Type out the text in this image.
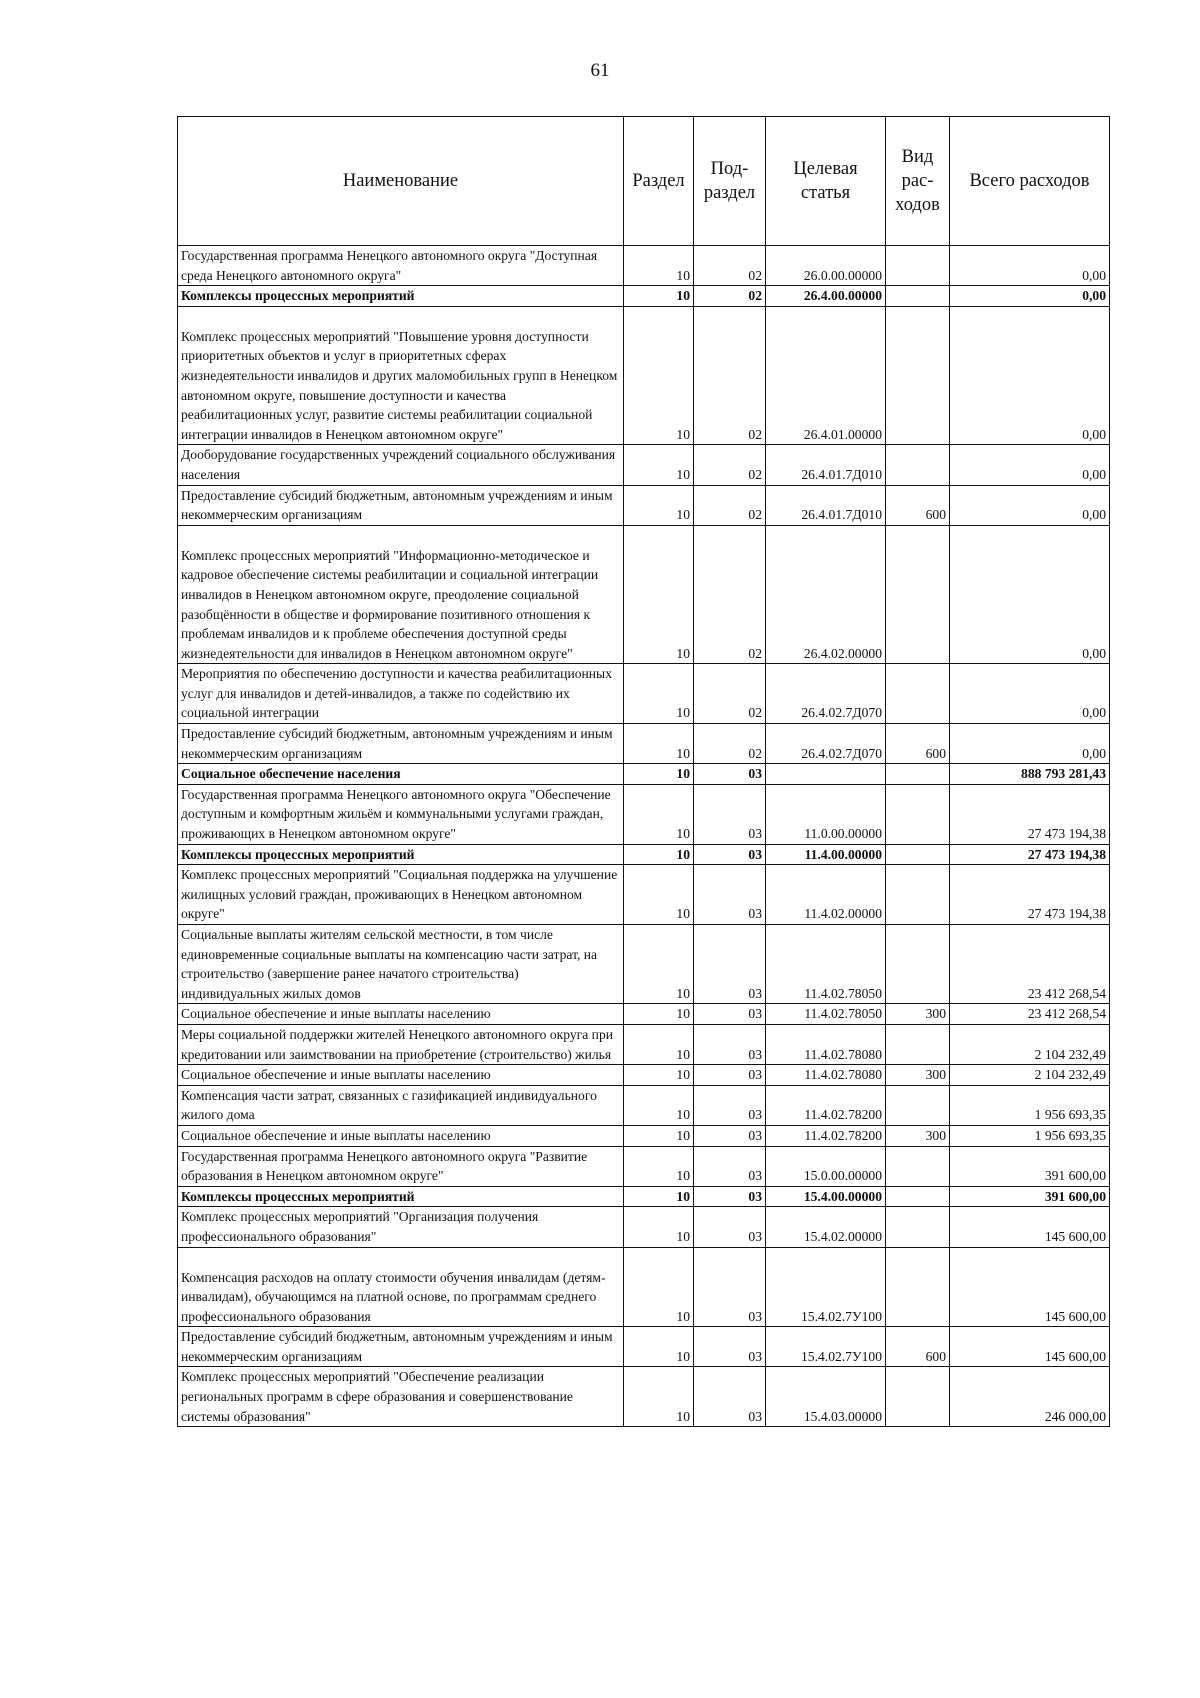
61
Наименование	Раздел	Под-раздел	Целевая статья	Вид рас-ходов	Всего расходов
Государственная программа Ненецкого автономного округа "Доступная среда Ненецкого автономного округа"	10	02	26.0.00.00000		0,00
Комплексы процессных мероприятий	10	02	26.4.00.00000		0,00
Комплекс процессных мероприятий "Повышение уровня доступности приоритетных объектов и услуг в приоритетных сферах жизнедеятельности инвалидов и других маломобильных групп в Ненецком автономном округе, повышение доступности и качества реабилитационных услуг, развитие системы реабилитации социальной интеграции инвалидов в Ненецком автономном округе"	10	02	26.4.01.00000		0,00
Дооборудование государственных учреждений социального обслуживания населения	10	02	26.4.01.7Д010		0,00
Предоставление субсидий бюджетным, автономным учреждениям и иным некоммерческим организациям	10	02	26.4.01.7Д010	600	0,00
Комплекс процессных мероприятий "Информационно-методическое и кадровое обеспечение системы реабилитации и социальной интеграции инвалидов в Ненецком автономном округе, преодоление социальной разобщённости в обществе и формирование позитивного отношения к проблемам инвалидов и к проблеме обеспечения доступной среды жизнедеятельности для инвалидов в Ненецком автономном округе"	10	02	26.4.02.00000		0,00
Мероприятия по обеспечению доступности и качества реабилитационных услуг для инвалидов и детей-инвалидов, а также по содействию их социальной интеграции	10	02	26.4.02.7Д070		0,00
Предоставление субсидий бюджетным, автономным учреждениям и иным некоммерческим организациям	10	02	26.4.02.7Д070	600	0,00
Социальное обеспечение населения	10	03			888 793 281,43
Государственная программа Ненецкого автономного округа "Обеспечение доступным и комфортным жильём и коммунальными услугами граждан, проживающих в Ненецком автономном округе"	10	03	11.0.00.00000		27 473 194,38
Комплексы процессных мероприятий	10	03	11.4.00.00000		27 473 194,38
Комплекс процессных мероприятий "Социальная поддержка на улучшение жилищных условий граждан, проживающих в Ненецком автономном округе"	10	03	11.4.02.00000		27 473 194,38
Социальные выплаты жителям сельской местности, в том числе единовременные социальные выплаты на компенсацию части затрат, на строительство (завершение ранее начатого строительства) индивидуальных жилых домов	10	03	11.4.02.78050		23 412 268,54
Социальное обеспечение и иные выплаты населению	10	03	11.4.02.78050	300	23 412 268,54
Меры социальной поддержки жителей Ненецкого автономного округа при кредитовании или заимствовании на приобретение (строительство) жилья	10	03	11.4.02.78080		2 104 232,49
Социальное обеспечение и иные выплаты населению	10	03	11.4.02.78080	300	2 104 232,49
Компенсация части затрат, связанных с газификацией индивидуального жилого дома	10	03	11.4.02.78200		1 956 693,35
Социальное обеспечение и иные выплаты населению	10	03	11.4.02.78200	300	1 956 693,35
Государственная программа Ненецкого автономного округа "Развитие образования в Ненецком автономном округе"	10	03	15.0.00.00000		391 600,00
Комплексы процессных мероприятий	10	03	15.4.00.00000		391 600,00
Комплекс процессных мероприятий "Организация получения профессионального образования"	10	03	15.4.02.00000		145 600,00
Компенсация расходов на оплату стоимости обучения инвалидам (детям-инвалидам), обучающимся на платной основе, по программам среднего профессионального образования	10	03	15.4.02.7У100		145 600,00
Предоставление субсидий бюджетным, автономным учреждениям и иным некоммерческим организациям	10	03	15.4.02.7У100	600	145 600,00
Комплекс процессных мероприятий "Обеспечение реализации региональных программ в сфере образования и совершенствование системы образования"	10	03	15.4.03.00000		246 000,00
